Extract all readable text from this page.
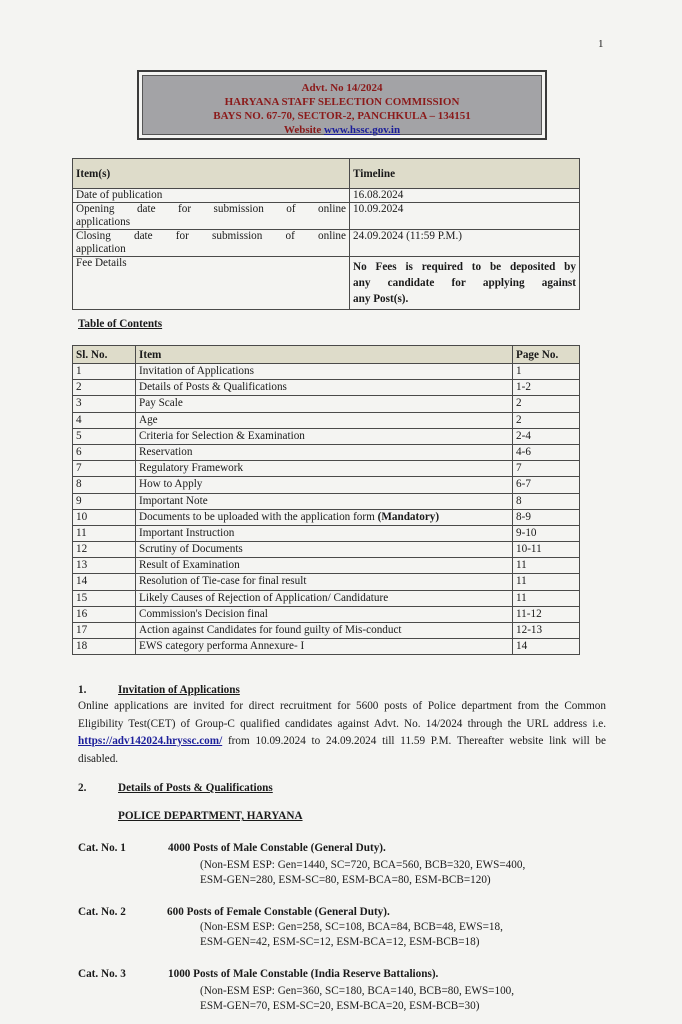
1
Advt. No 14/2024
HARYANA STAFF SELECTION COMMISSION
BAYS NO. 67-70, SECTOR-2, PANCHKULA – 134151
Website www.hssc.gov.in
Item(s)	Timeline

Date of publication	16.08.2024

Opening date for submission of online
applications	10.09.2024

Closing date for submission of online
application	24.09.2024 (11:59 P.M.)

Fee Details	No Fees is required to be deposited by
any candidate for applying against
any Post(s).
Table of Contents
Sl. No.	Item	Page No.
1	Invitation of Applications	1
2	Details of Posts & Qualifications	1-2
3	Pay Scale	2
4	Age	2
5	Criteria for Selection & Examination	2-4
6	Reservation	4-6
7	Regulatory Framework	7
8	How to Apply	6-7
9	Important Note	8
10	Documents to be uploaded with the application form (Mandatory)	8-9
11	Important Instruction	9-10
12	Scrutiny of Documents	10-11
13	Result of Examination	11
14	Resolution of Tie-case for final result	11
15	Likely Causes of Rejection of Application/ Candidature	11
16	Commission's Decision final	11-12
17	Action against Candidates for found guilty of Mis-conduct	12-13
18	EWS category performa Annexure- I	14
1.	Invitation of Applications
Online applications are invited for direct recruitment for 5600 posts of Police department from the Common Eligibility Test(CET) of Group-C qualified candidates against Advt. No. 14/2024 through the URL address i.e. https://adv142024.hryssc.com/ from 10.09.2024 to 24.09.2024 till 11.59 P.M. Thereafter website link will be disabled.
2.	Details of Posts & Qualifications
POLICE DEPARTMENT, HARYANA
Cat. No. 1	4000 Posts of Male Constable (General Duty).
(Non-ESM ESP: Gen=1440, SC=720, BCA=560, BCB=320, EWS=400,
ESM-GEN=280, ESM-SC=80, ESM-BCA=80, ESM-BCB=120)
Cat. No. 2	600 Posts of Female Constable (General Duty).
(Non-ESM ESP: Gen=258, SC=108, BCA=84, BCB=48, EWS=18,
ESM-GEN=42, ESM-SC=12, ESM-BCA=12, ESM-BCB=18)
Cat. No. 3	1000 Posts of Male Constable (India Reserve Battalions).
(Non-ESM ESP: Gen=360, SC=180, BCA=140, BCB=80, EWS=100,
ESM-GEN=70, ESM-SC=20, ESM-BCA=20, ESM-BCB=30)
